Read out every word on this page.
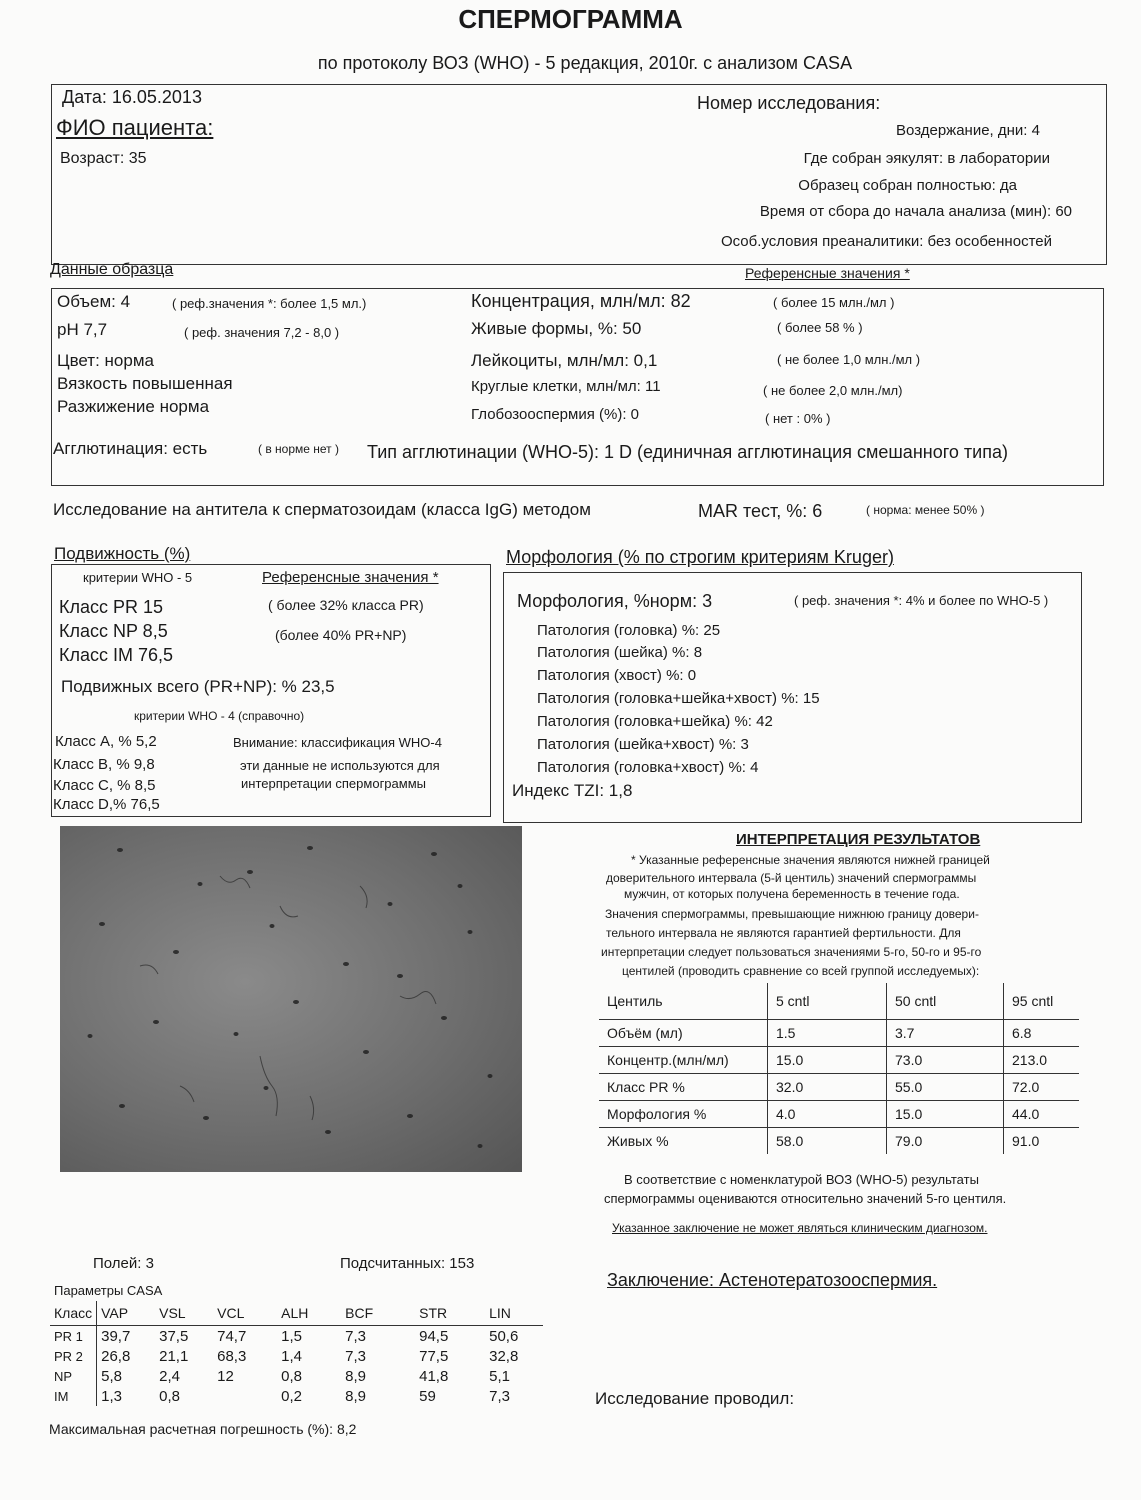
СПЕРМОГРАММА
по протоколу ВОЗ (WHO) - 5 редакция, 2010г. с анализом CASA
Дата: 16.05.2013
ФИО пациента:
Возраст: 35
Номер исследования:
Воздержание, дни: 4
Где собран эякулят: в лаборатории
Образец собран полностью: да
Время от сбора до начала анализа (мин): 60
Особ.условия преаналитики: без особенностей
Данные образца	Референсные значения *
Объем: 4	( реф.значения *: более 1,5 мл.)
pH 7,7	( реф. значения 7,2 - 8,0 )
Цвет: норма
Вязкость повышенная
Разжижение норма
Концентрация, млн/мл: 82	( более 15 млн./мл )
Живые формы, %: 50	( более 58 % )
Лейкоциты, млн/мл: 0,1	( не более 1,0 млн./мл )
Круглые клетки, млн/мл: 11	( не более 2,0 млн./мл)
Глобозооспермия (%): 0	( нет : 0% )
Агглютинация: есть	( в норме нет ) Тип агглютинации (WHO-5): 1 D (единичная агглютинация смешанного типа)
Исследование на антитела к сперматозоидам (класса IgG) методом	MAR тест, %: 6	( норма: менее 50% )
Подвижность (%)
критерии WHO - 5	Референсные значения *
Класс PR 15
Класс NP 8,5
Класс IM 76,5
( более 32% класса PR)
(более 40% PR+NP)
Подвижных всего (PR+NP): % 23,5
критерии WHO - 4 (справочно)
Класс A, % 5,2
Класс B, % 9,8
Класс C, % 8,5
Класс D,% 76,5
Внимание: классификация WHO-4
эти данные не используются для
интерпретации спермограммы
Морфология (% по строгим критериям Kruger)
Морфология, %норм: 3	( реф. значения *: 4% и более по WHO-5 )
Патология (головка) %: 25
Патология (шейка) %: 8
Патология (хвост) %: 0
Патология (головка+шейка+хвост) %: 15
Патология (головка+шейка) %: 42
Патология (шейка+хвост) %: 3
Патология (головка+хвост) %: 4
Индекс TZI: 1,8
ИНТЕРПРЕТАЦИЯ РЕЗУЛЬТАТОВ
* Указанные референсные значения являются нижней границей
доверительного интервала (5-й центиль) значений спермограммы
мужчин, от которых получена беременность в течение года.
Значения спермограммы, превышающие нижнюю границу довери-
тельного интервала не являются гарантией фертильности. Для
интерпретации следует пользоваться значениями 5-го, 50-го и 95-го
центилей (проводить сравнение со всей группой исследуемых):
Центиль	5 cntl	50 cntl	95 cntl
Объём (мл)	1.5	3.7	6.8
Концентр.(млн/мл)	15.0	73.0	213.0
Класс PR %	32.0	55.0	72.0
Морфология %	4.0	15.0	44.0
Живых %	58.0	79.0	91.0
В соответствие с номенклатурой ВОЗ (WHO-5) результаты
спермограммы оцениваются относительно значений 5-го центиля.
Указанное заключение не может являться клиническим диагнозом.
Заключение: Астенотератозооспермия.
Исследование проводил:
Полей: 3	Подсчитанных: 153
Параметры CASA
Класс	VAP	VSL	VCL	ALH	BCF	STR	LIN
PR 1	39,7	37,5	74,7	1,5	7,3	94,5	50,6
PR 2	26,8	21,1	68,3	1,4	7,3	77,5	32,8
NP	5,8	2,4	12	0,8	8,9	41,8	5,1
IM	1,3	0,8		0,2	8,9	59	7,3
Максимальная расчетная погрешность (%): 8,2
